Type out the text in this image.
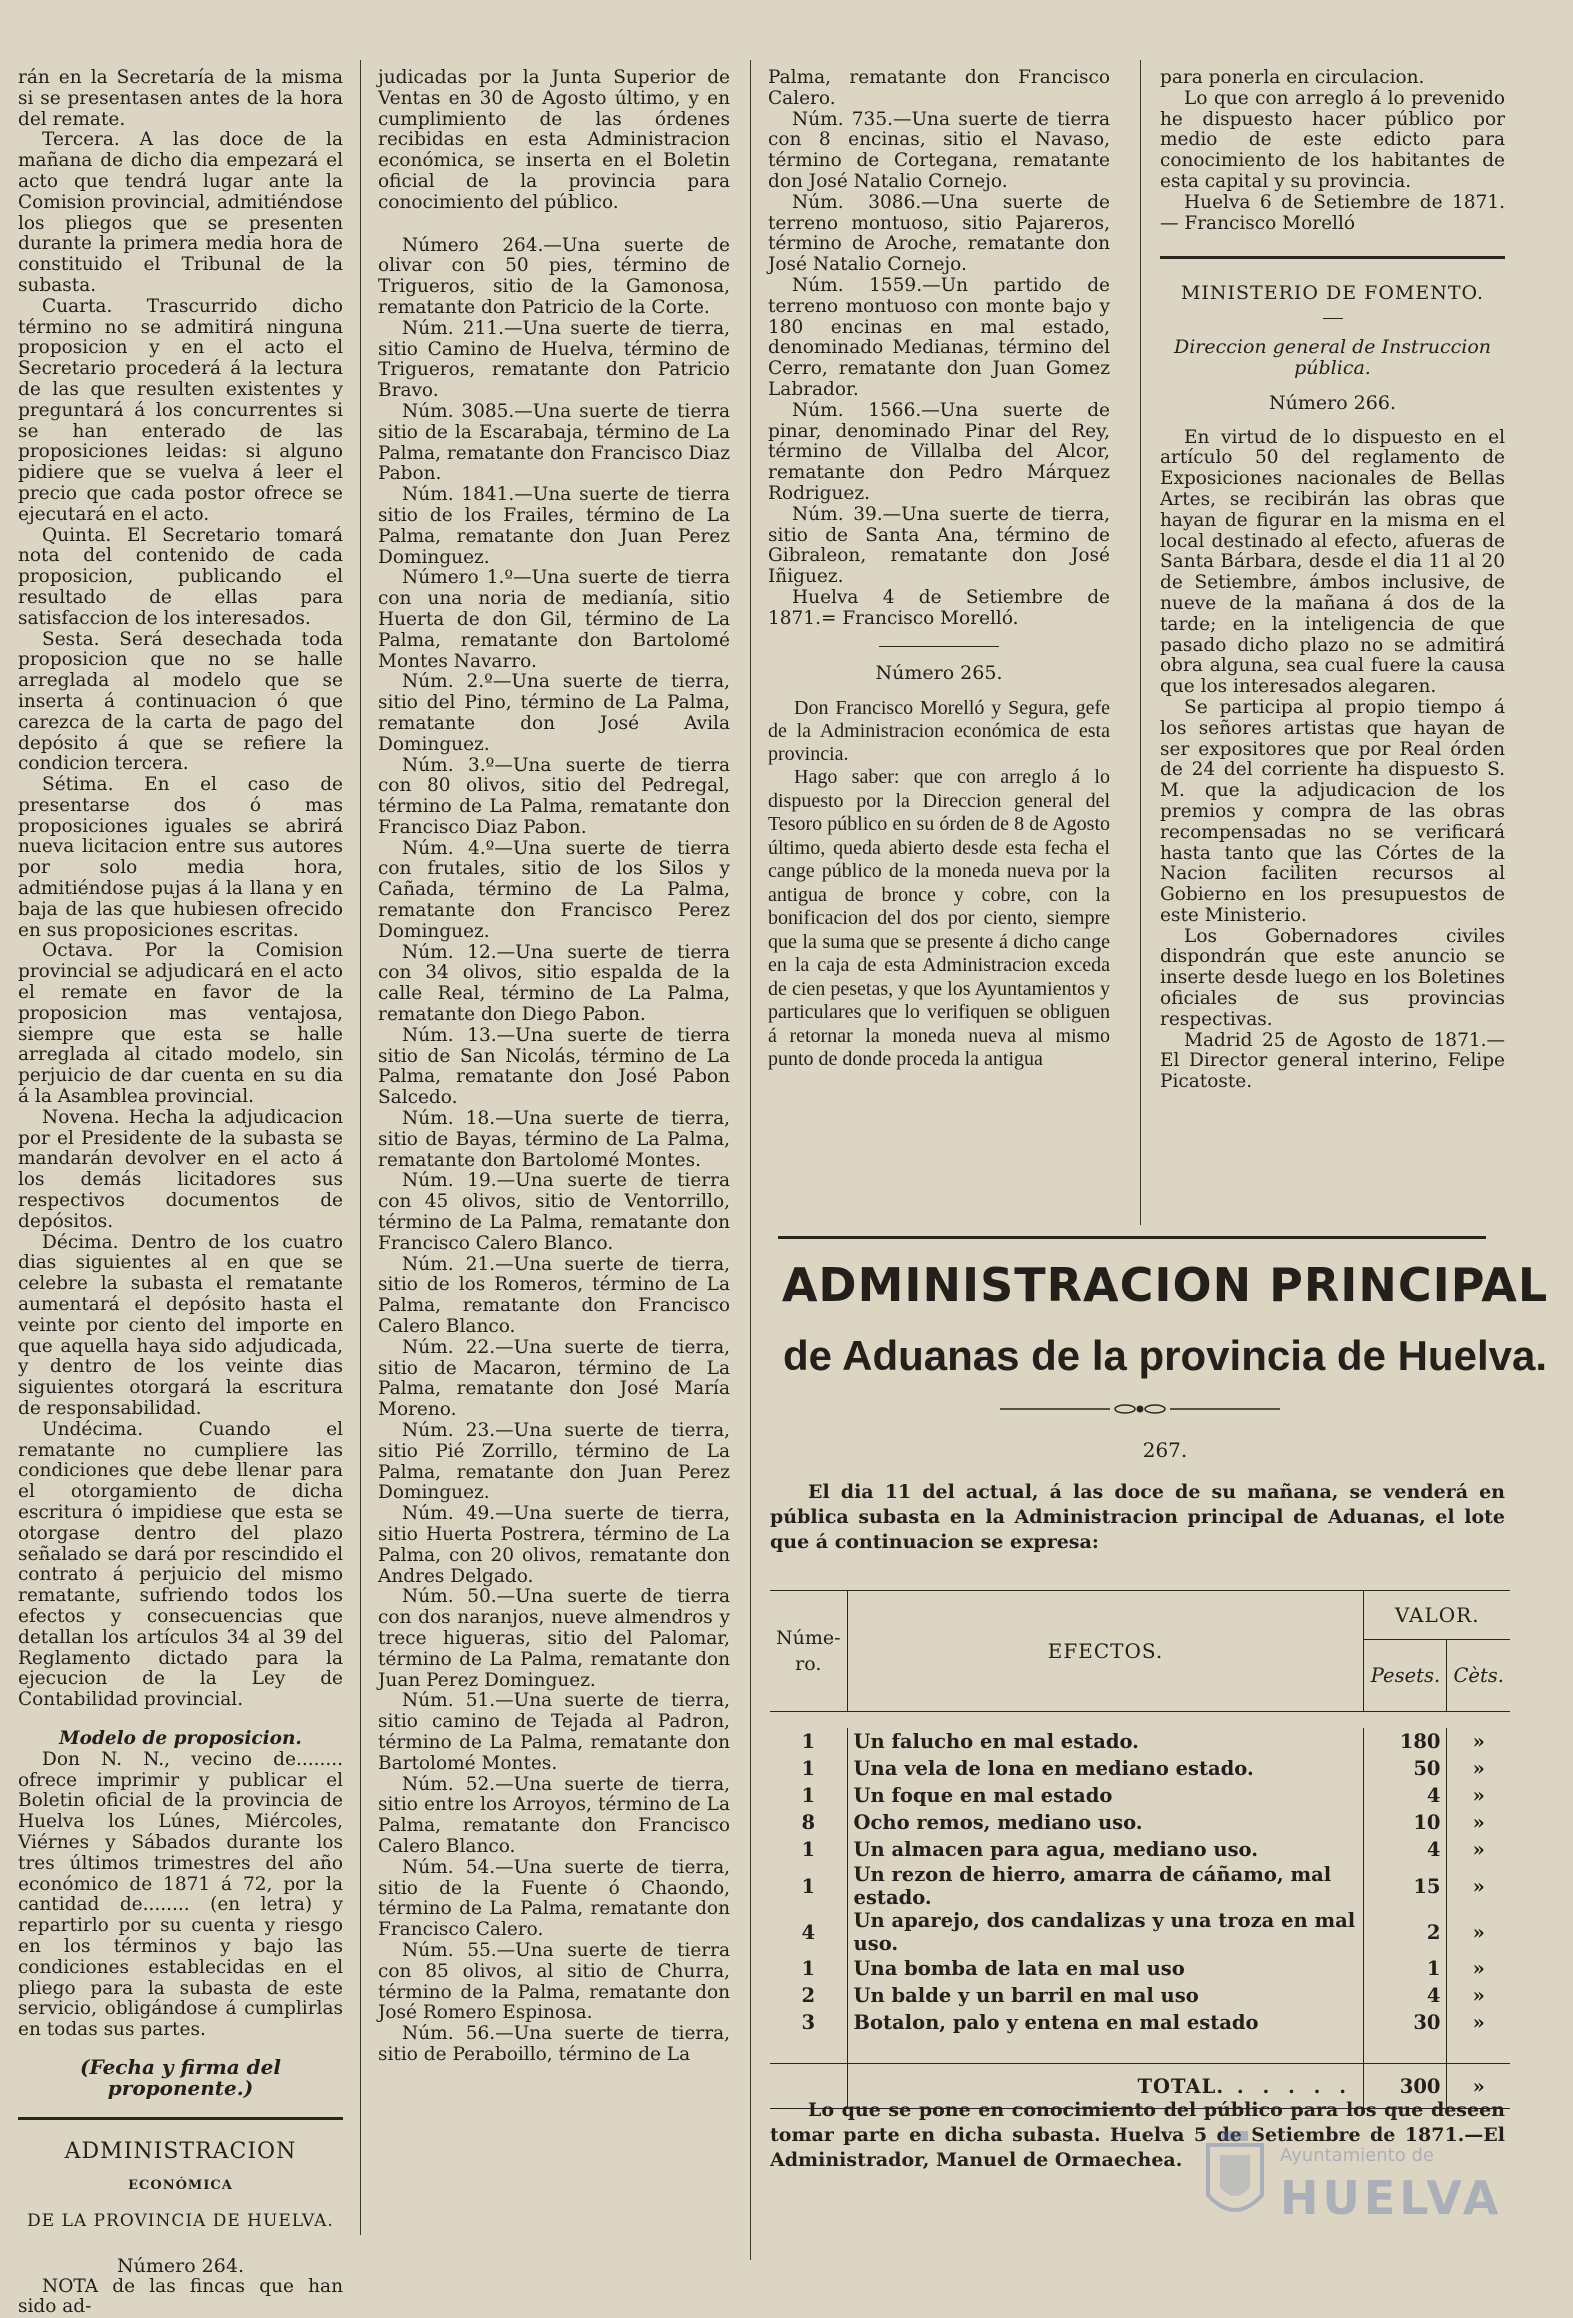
rán en la Secretaría de la misma si se presentasen antes de la hora del remate.

Tercera. A las doce de la mañana de dicho dia empezará el acto que tendrá lugar ante la Comision provincial, admitiéndose los pliegos que se presenten durante la primera media hora de constituido el Tribunal de la subasta.

Cuarta. Trascurrido dicho término no se admitirá ninguna proposicion y en el acto el Secretario procederá á la lectura de las que resulten existentes y preguntará á los concurrentes si se han enterado de las proposiciones leidas: si alguno pidiere que se vuelva á leer el precio que cada postor ofrece se ejecutará en el acto.

Quinta. El Secretario tomará nota del contenido de cada proposicion, publicando el resultado de ellas para satisfaccion de los interesados.

Sesta. Será desechada toda proposicion que no se halle arreglada al modelo que se inserta á continuacion ó que carezca de la carta de pago del depósito á que se refiere la condicion tercera.

Sétima. En el caso de presentarse dos ó mas proposiciones iguales se abrirá nueva licitacion entre sus autores por solo media hora, admitiéndose pujas á la llana y en baja de las que hubiesen ofrecido en sus proposiciones escritas.

Octava. Por la Comision provincial se adjudicará en el acto el remate en favor de la proposicion mas ventajosa, siempre que esta se halle arreglada al citado modelo, sin perjuicio de dar cuenta en su dia á la Asamblea provincial.

Novena. Hecha la adjudicacion por el Presidente de la subasta se mandarán devolver en el acto á los demás licitadores sus respectivos documentos de depósitos.

Décima. Dentro de los cuatro dias siguientes al en que se celebre la subasta el rematante aumentará el depósito hasta el veinte por ciento del importe en que aquella haya sido adjudicada, y dentro de los veinte dias siguientes otorgará la escritura de responsabilidad.

Undécima. Cuando el rematante no cumpliere las condiciones que debe llenar para el otorgamiento de dicha escritura ó impidiese que esta se otorgase dentro del plazo señalado se dará por rescindido el contrato á perjuicio del mismo rematante, sufriendo todos los efectos y consecuencias que detallan los artículos 34 al 39 del Reglamento dictado para la ejecucion de la Ley de Contabilidad provincial.

Modelo de proposicion.

Don N. N., vecino de........ ofrece imprimir y publicar el Boletin oficial de la provincia de Huelva los Lúnes, Miércoles, Viérnes y Sábados durante los tres últimos trimestres del año económico de 1871 á 72, por la cantidad de........ (en letra) y repartirlo por su cuenta y riesgo en los términos y bajo las condiciones establecidas en el pliego para la subasta de este servicio, obligándose á cumplirlas en todas sus partes.

(Fecha y firma del proponente.)

ADMINISTRACION

ECONÓMICA

DE LA PROVINCIA DE HUELVA.

Número 264.

NOTA de las fincas que han sido ad-

judicadas por la Junta Superior de Ventas en 30 de Agosto último, y en cumplimiento de las órdenes recibidas en esta Administracion económica, se inserta en el Boletin oficial de la provincia para conocimiento del público.

Número 264.—Una suerte de olivar con 50 pies, término de Trigueros, sitio de la Gamonosa, rematante don Patricio de la Corte.

Núm. 211.—Una suerte de tierra, sitio Camino de Huelva, término de Trigueros, rematante don Patricio Bravo.

Núm. 3085.—Una suerte de tierra sitio de la Escarabaja, término de La Palma, rematante don Francisco Diaz Pabon.

Núm. 1841.—Una suerte de tierra sitio de los Frailes, término de La Palma, rematante don Juan Perez Dominguez.

Número 1.º—Una suerte de tierra con una noria de medianía, sitio Huerta de don Gil, término de La Palma, rematante don Bartolomé Montes Navarro.

Núm. 2.º—Una suerte de tierra, sitio del Pino, término de La Palma, rematante don José Avila Dominguez.

Núm. 3.º—Una suerte de tierra con 80 olivos, sitio del Pedregal, término de La Palma, rematante don Francisco Diaz Pabon.

Núm. 4.º—Una suerte de tierra con frutales, sitio de los Silos y Cañada, término de La Palma, rematante don Francisco Perez Dominguez.

Núm. 12.—Una suerte de tierra con 34 olivos, sitio espalda de la calle Real, término de La Palma, rematante don Diego Pabon.

Núm. 13.—Una suerte de tierra sitio de San Nicolás, término de La Palma, rematante don José Pabon Salcedo.

Núm. 18.—Una suerte de tierra, sitio de Bayas, término de La Palma, rematante don Bartolomé Montes.

Núm. 19.—Una suerte de tierra con 45 olivos, sitio de Ventorrillo, término de La Palma, rematante don Francisco Calero Blanco.

Núm. 21.—Una suerte de tierra, sitio de los Romeros, término de La Palma, rematante don Francisco Calero Blanco.

Núm. 22.—Una suerte de tierra, sitio de Macaron, término de La Palma, rematante don José María Moreno.

Núm. 23.—Una suerte de tierra, sitio Pié Zorrillo, término de La Palma, rematante don Juan Perez Dominguez.

Núm. 49.—Una suerte de tierra, sitio Huerta Postrera, término de La Palma, con 20 olivos, rematante don Andres Delgado.

Núm. 50.—Una suerte de tierra con dos naranjos, nueve almendros y trece higueras, sitio del Palomar, término de La Palma, rematante don Juan Perez Dominguez.

Núm. 51.—Una suerte de tierra, sitio camino de Tejada al Padron, término de La Palma, rematante don Bartolomé Montes.

Núm. 52.—Una suerte de tierra, sitio entre los Arroyos, término de La Palma, rematante don Francisco Calero Blanco.

Núm. 54.—Una suerte de tierra, sitio de la Fuente ó Chaondo, término de La Palma, rematante don Francisco Calero.

Núm. 55.—Una suerte de tierra con 85 olivos, al sitio de Churra, término de la Palma, rematante don José Romero Espinosa.

Núm. 56.—Una suerte de tierra, sitio de Peraboillo, término de La

Palma, rematante don Francisco Calero.

Núm. 735.—Una suerte de tierra con 8 encinas, sitio el Navaso, término de Cortegana, rematante don José Natalio Cornejo.

Núm. 3086.—Una suerte de terreno montuoso, sitio Pajareros, término de Aroche, rematante don José Natalio Cornejo.

Núm. 1559.—Un partido de terreno montuoso con monte bajo y 180 encinas en mal estado, denominado Medianas, término del Cerro, rematante don Juan Gomez Labrador.

Núm. 1566.—Una suerte de pinar, denominado Pinar del Rey, término de Villalba del Alcor, rematante don Pedro Márquez Rodriguez.

Núm. 39.—Una suerte de tierra, sitio de Santa Ana, término de Gibraleon, rematante don José Iñiguez.

Huelva 4 de Setiembre de 1871.= Francisco Morelló.

Número 265.

Don Francisco Morelló y Segura, gefe de la Administracion económica de esta provincia.

Hago saber: que con arreglo á lo dispuesto por la Direccion general del Tesoro público en su órden de 8 de Agosto último, queda abierto desde esta fecha el cange público de la moneda nueva por la antigua de bronce y cobre, con la bonificacion del dos por ciento, siempre que la suma que se presente á dicho cange en la caja de esta Administracion exceda de cien pesetas, y que los Ayuntamientos y particulares que lo verifiquen se obliguen á retornar la moneda nueva al mismo punto de donde proceda la antigua

para ponerla en circulacion.

Lo que con arreglo á lo prevenido he dispuesto hacer público por medio de este edicto para conocimiento de los habitantes de esta capital y su provincia.

Huelva 6 de Setiembre de 1871. — Francisco Morelló

MINISTERIO DE FOMENTO.

Direccion general de Instruccion pública.

Número 266.

En virtud de lo dispuesto en el artículo 50 del reglamento de Exposiciones nacionales de Bellas Artes, se recibirán las obras que hayan de figurar en la misma en el local destinado al efecto, afueras de Santa Bárbara, desde el dia 11 al 20 de Setiembre, ámbos inclusive, de nueve de la mañana á dos de la tarde; en la inteligencia de que pasado dicho plazo no se admitirá obra alguna, sea cual fuere la causa que los interesados alegaren.

Se participa al propio tiempo á los señores artistas que hayan de ser expositores que por Real órden de 24 del corriente ha dispuesto S. M. que la adjudicacion de los premios y compra de las obras recompensadas no se verificará hasta tanto que las Córtes de la Nacion faciliten recursos al Gobierno en los presupuestos de este Ministerio.

Los Gobernadores civiles dispondrán que este anuncio se inserte desde luego en los Boletines oficiales de sus provincias respectivas.

Madrid 25 de Agosto de 1871.—El Director general interino, Felipe Picatoste.

ADMINISTRACION PRINCIPAL
de Aduanas de la provincia de Huelva.
267.

El dia 11 del actual, á las doce de su mañana, se venderá en pública subasta en la Administracion principal de Aduanas, el lote que á continuacion se expresa:

Núme-ro.	EFECTOS.	VALOR.	
		Pesets.	Cèts.

1	Un falucho en mal estado.	180	»
1	Una vela de lona en mediano estado.	50	»
1	Un foque en mal estado	4	»
8	Ocho remos, mediano uso.	10	»
1	Un almacen para agua, mediano uso.	4	»
1	Un rezon de hierro, amarra de cáñamo, mal estado.	15	»
4	Un aparejo, dos candalizas y una troza en mal uso.	2	»
1	Una bomba de lata en mal uso	1	»
2	Un balde y un barril en mal uso	4	»
3	Botalon, palo y entena en mal estado	30	»

	TOTAL. . . . . .	300	»

Lo que se pone en conocimiento del público para los que deseen tomar parte en dicha subasta. Huelva 5 de Setiembre de 1871.—El Administrador, Manuel de Ormaechea.	Ayuntamiento de
HUELVA
